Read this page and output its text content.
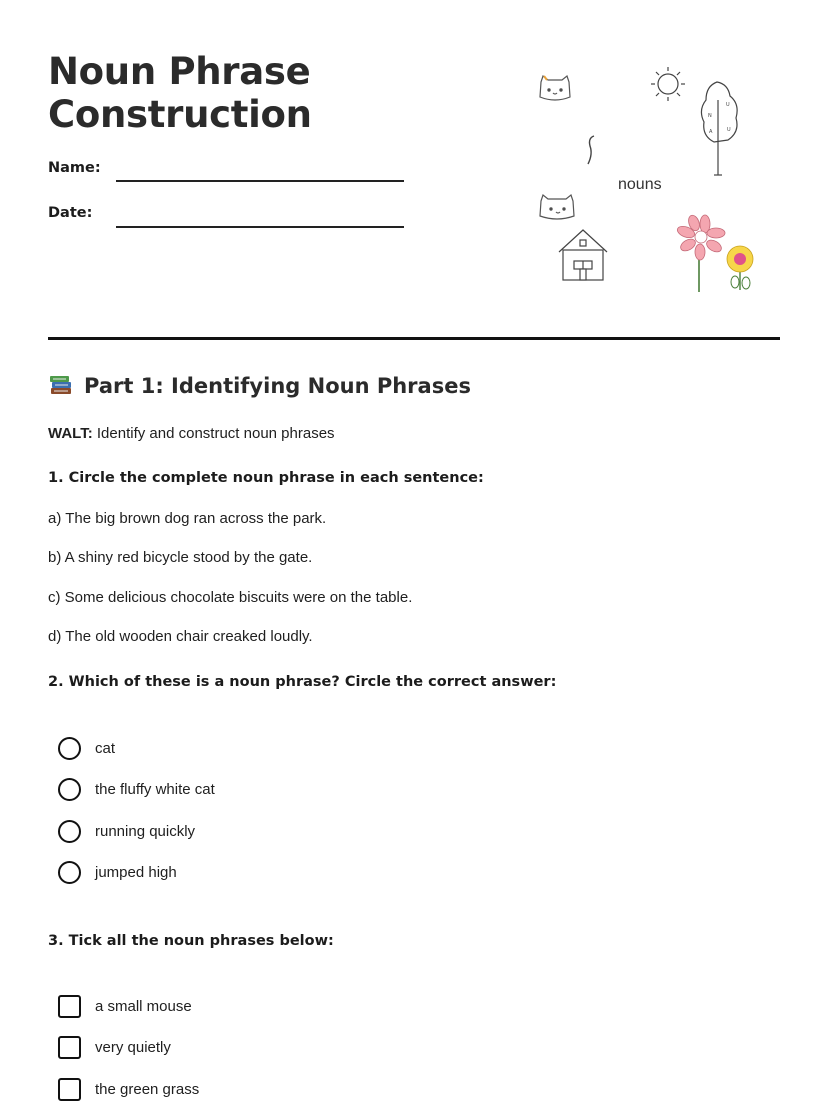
Noun Phrase Construction
Name:
Date:
N
A
U
U
nouns
Part 1: Identifying Noun Phrases
WALT: Identify and construct noun phrases
1. Circle the complete noun phrase in each sentence:
a) The big brown dog ran across the park.
b) A shiny red bicycle stood by the gate.
c) Some delicious chocolate biscuits were on the table.
d) The old wooden chair creaked loudly.
2. Which of these is a noun phrase? Circle the correct answer:
cat
the fluffy white cat
running quickly
jumped high
3. Tick all the noun phrases below:
a small mouse
very quietly
the green grass
